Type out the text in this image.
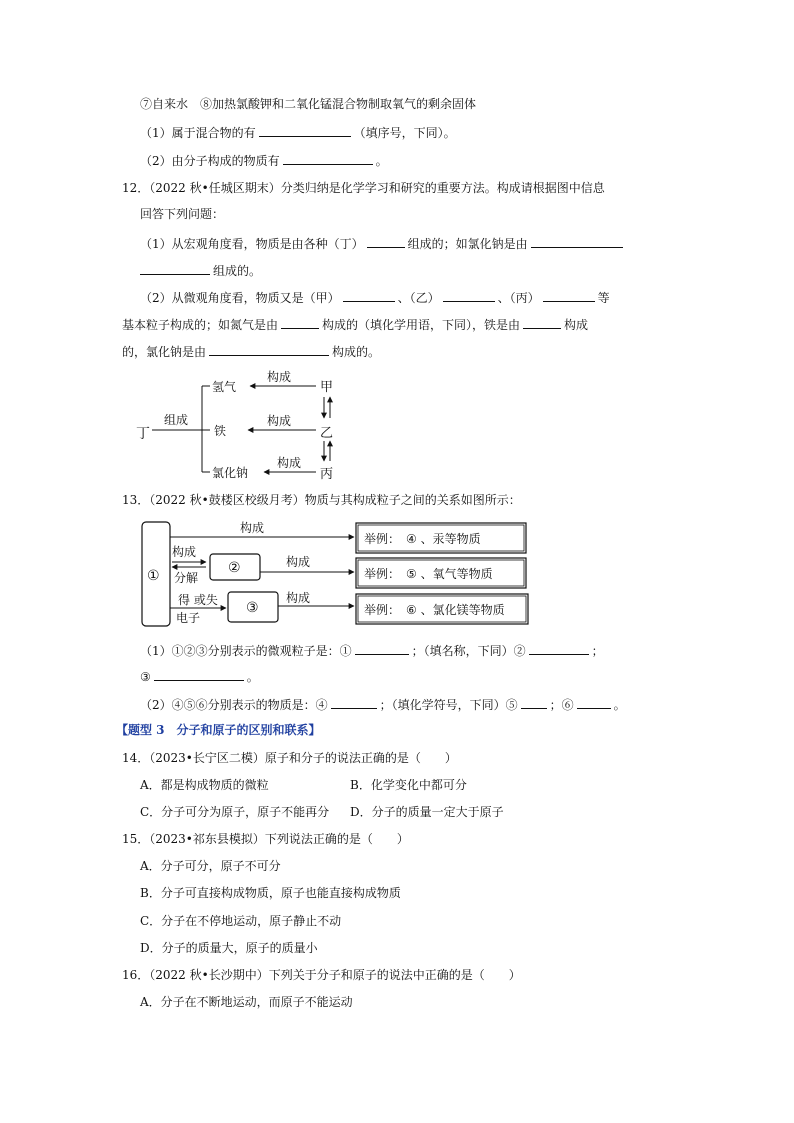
⑦自来水　⑧加热氯酸钾和二氧化锰混合物制取氧气的剩余固体
（1）属于混合物的有	（填序号，下同）。
（2）由分子构成的物质有	。
12．（2022 秋•任城区期末）分类归纳是化学学习和研究的重要方法。构成请根据图中信息
回答下列问题：
（1）从宏观角度看，物质是由各种（丁）	组成的；如氯化钠是由
组成的。
（2）从微观角度看，物质又是（甲）	、（乙）	、（丙）	等
基本粒子构成的；如氮气是由	构成的（填化学用语，下同），铁是由	构成
的，氯化钠是由	构成的。
丁
组成
氢气
铁
氯化钠
构成
构成
构成
甲
乙
丙
13．（2022 秋•鼓楼区校级月考）物质与其构成粒子之间的关系如图所示：
①
构成
构成
分解
②	构成
得 或失
电子
③
构成
举例：　④ 、汞等物质
举例：　⑤ 、氧气等物质
举例：　⑥ 、氯化镁等物质
（1）①②③分别表示的微观粒子是：①	；（填名称，下同）②	；
③	。
（2）④⑤⑥分别表示的物质是：④	；（填化学符号，下同）⑤	；⑥	。
【题型 3　分子和原子的区别和联系】
14．（2023•长宁区二模）原子和分子的说法正确的是（　　）
A．都是构成物质的微粒	B．化学变化中都可分
C．分子可分为原子，原子不能再分 D．分子的质量一定大于原子
15．（2023•祁东县模拟）下列说法正确的是（　　）
A．分子可分，原子不可分
B．分子可直接构成物质，原子也能直接构成物质
C．分子在不停地运动，原子静止不动
D．分子的质量大，原子的质量小
16．（2022 秋•长沙期中）下列关于分子和原子的说法中正确的是（　　）
A．分子在不断地运动，而原子不能运动
